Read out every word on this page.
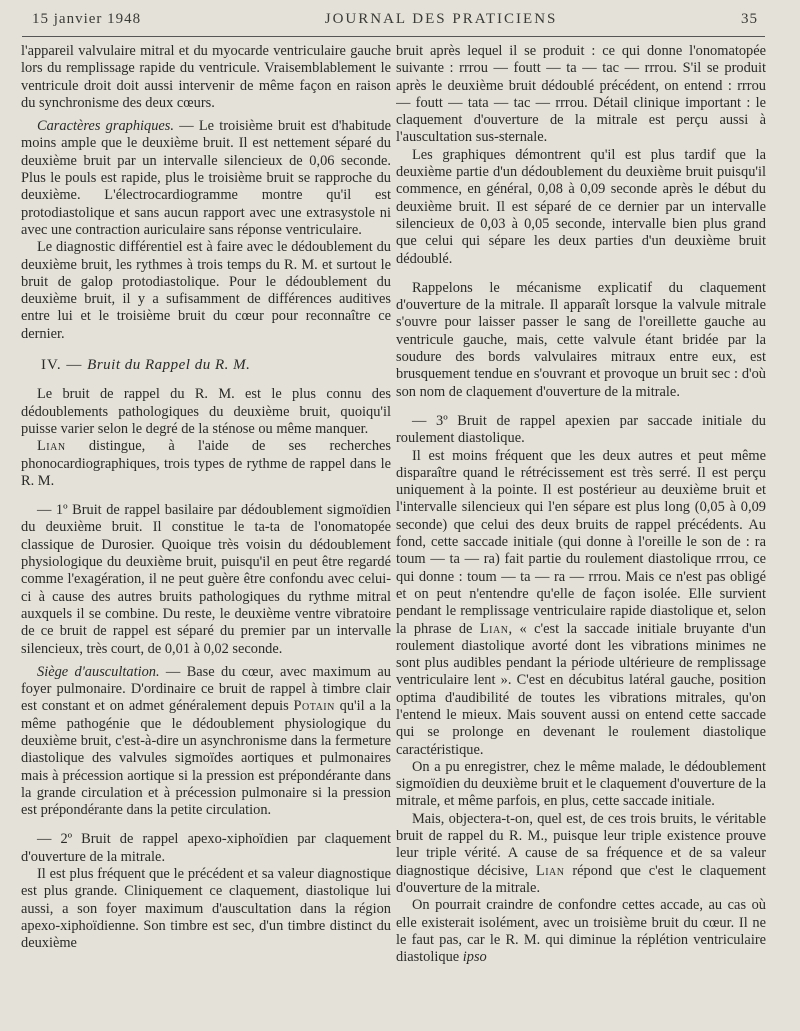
15 janvier 1948	JOURNAL DES PRATICIENS	35

l'appareil valvulaire mitral et du myocarde ventriculaire gauche lors du remplissage rapide du ventricule. Vraisemblablement le ventricule droit doit aussi intervenir de même façon en raison du synchronisme des deux cœurs.

Caractères graphiques. — Le troisième bruit est d'habitude moins ample que le deuxième bruit. Il est nettement séparé du deuxième bruit par un intervalle silencieux de 0,06 seconde. Plus le pouls est rapide, plus le troisième bruit se rapproche du deuxième. L'électrocardiogramme montre qu'il est protodiastolique et sans aucun rapport avec une extrasystole ni avec une contraction auriculaire sans réponse ventriculaire.

Le diagnostic différentiel est à faire avec le dédoublement du deuxième bruit, les rythmes à trois temps du R. M. et surtout le bruit de galop protodiastolique. Pour le dédoublement du deuxième bruit, il y a sufisamment de différences auditives entre lui et le troisième bruit du cœur pour reconnaître ce dernier.

IV. — Bruit du Rappel du R. M.

Le bruit de rappel du R. M. est le plus connu des dédoublements pathologiques du deuxième bruit, quoiqu'il puisse varier selon le degré de la sténose ou même manquer.

Lian distingue, à l'aide de ses recherches phonocardiographiques, trois types de rythme de rappel dans le R. M.

— 1º Bruit de rappel basilaire par dédoublement sigmoïdien du deuxième bruit. Il constitue le ta-ta de l'onomatopée classique de Durosier. Quoique très voisin du dédoublement physiologique du deuxième bruit, puisqu'il en peut être regardé comme l'exagération, il ne peut guère être confondu avec celui-ci à cause des autres bruits pathologiques du rythme mitral auxquels il se combine. Du reste, le deuxième ventre vibratoire de ce bruit de rappel est séparé du premier par un intervalle silencieux, très court, de 0,01 à 0,02 seconde.

Siège d'auscultation. — Base du cœur, avec maximum au foyer pulmonaire. D'ordinaire ce bruit de rappel à timbre clair est constant et on admet généralement depuis Potain qu'il a la même pathogénie que le dédoublement physiologique du deuxième bruit, c'est-à-dire un asynchronisme dans la fermeture diastolique des valvules sigmoïdes aortiques et pulmonaires mais à précession aortique si la pression est prépondérante dans la grande circulation et à précession pulmonaire si la pression est prépondérante dans la petite circulation.

— 2º Bruit de rappel apexo-xiphoïdien par claquement d'ouverture de la mitrale.

Il est plus fréquent que le précédent et sa valeur diagnostique est plus grande. Cliniquement ce claquement, diastolique lui aussi, a son foyer maximum d'auscultation dans la région apexo-xiphoïdienne. Son timbre est sec, d'un timbre distinct du deuxième

bruit après lequel il se produit : ce qui donne l'onomatopée suivante : rrrou — foutt — ta — tac — rrrou. S'il se produit après le deuxième bruit dédoublé précédent, on entend : rrrou — foutt — tata — tac — rrrou. Détail clinique important : le claquement d'ouverture de la mitrale est perçu aussi à l'auscultation sus-sternale.

Les graphiques démontrent qu'il est plus tardif que la deuxième partie d'un dédoublement du deuxième bruit puisqu'il commence, en général, 0,08 à 0,09 seconde après le début du deuxième bruit. Il est séparé de ce dernier par un intervalle silencieux de 0,03 à 0,05 seconde, intervalle bien plus grand que celui qui sépare les deux parties d'un deuxième bruit dédoublé.

Rappelons le mécanisme explicatif du claquement d'ouverture de la mitrale. Il apparaît lorsque la valvule mitrale s'ouvre pour laisser passer le sang de l'oreillette gauche au ventricule gauche, mais, cette valvule étant bridée par la soudure des bords valvulaires mitraux entre eux, est brusquement tendue en s'ouvrant et provoque un bruit sec : d'où son nom de claquement d'ouverture de la mitrale.

— 3º Bruit de rappel apexien par saccade initiale du roulement diastolique.

Il est moins fréquent que les deux autres et peut même disparaître quand le rétrécissement est très serré. Il est perçu uniquement à la pointe. Il est postérieur au deuxième bruit et l'intervalle silencieux qui l'en sépare est plus long (0,05 à 0,09 seconde) que celui des deux bruits de rappel précédents. Au fond, cette saccade initiale (qui donne à l'oreille le son de : ra toum — ta — ra) fait partie du roulement diastolique rrrou, ce qui donne : toum — ta — ra — rrrou. Mais ce n'est pas obligé et on peut n'entendre qu'elle de façon isolée. Elle survient pendant le remplissage ventriculaire rapide diastolique et, selon la phrase de Lian, « c'est la saccade initiale bruyante d'un roulement diastolique avorté dont les vibrations minimes ne sont plus audibles pendant la période ultérieure de remplissage ventriculaire lent ». C'est en décubitus latéral gauche, position optima d'audibilité de toutes les vibrations mitrales, qu'on l'entend le mieux. Mais souvent aussi on entend cette saccade qui se prolonge en devenant le roulement diastolique caractéristique.

On a pu enregistrer, chez le même malade, le dédoublement sigmoïdien du deuxième bruit et le claquement d'ouverture de la mitrale, et même parfois, en plus, cette saccade initiale.

Mais, objectera-t-on, quel est, de ces trois bruits, le véritable bruit de rappel du R. M., puisque leur triple existence prouve leur triple vérité. A cause de sa fréquence et de sa valeur diagnostique décisive, Lian répond que c'est le claquement d'ouverture de la mitrale.

On pourrait craindre de confondre cettes accade, au cas où elle existerait isolément, avec un troisième bruit du cœur. Il ne le faut pas, car le R. M. qui diminue la réplétion ventriculaire diastolique ipso
